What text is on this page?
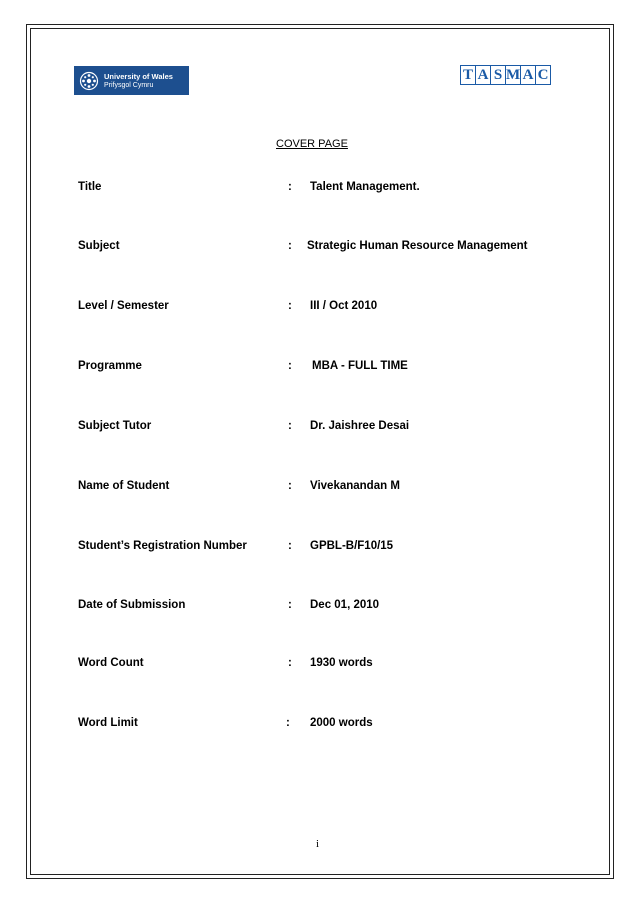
University of Wales
Prifysgol Cymru
T A S M A C
COVER PAGE
Title	: Talent Management.
Subject	: Strategic Human Resource Management
Level / Semester	: III / Oct 2010
Programme	: MBA - FULL TIME
Subject Tutor	: Dr. Jaishree Desai
Name of Student	: Vivekanandan M
Student’s Registration Number	: GPBL-B/F10/15
Date of Submission	: Dec 01, 2010
Word Count	: 1930 words
Word Limit	: 2000 words
i
